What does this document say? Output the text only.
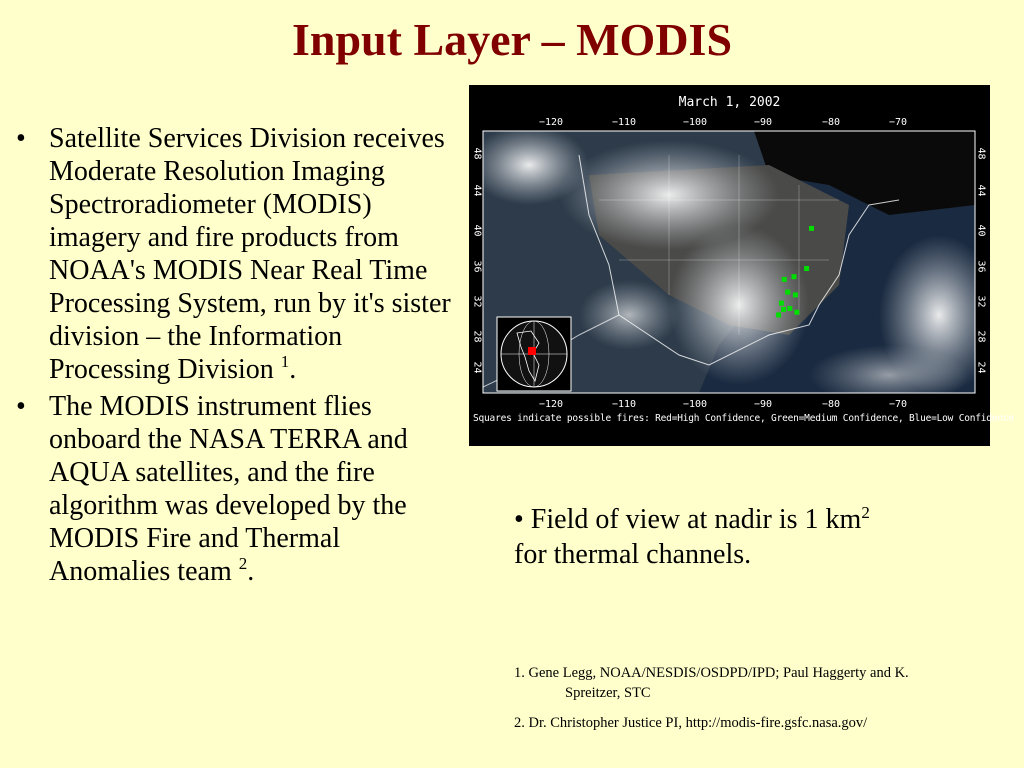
Input Layer – MODIS
• Satellite Services Division receives Moderate Resolution Imaging Spectroradiometer (MODIS) imagery and fire products from NOAA's MODIS Near Real Time Processing System, run by it's sister division – the Information Processing Division $^1$.
• The MODIS instrument flies onboard the NASA TERRA and AQUA satellites, and the fire algorithm was developed by the MODIS Fire and Thermal Anomalies team $^2$.
March 1, 2002
−120	−110	−100	−90	−80	−70
−120	−110	−100	−90	−80	−70
48
44
40
36
32
28
24
48
44
40
36
32
28
24
Squares indicate possible fires: Red=High Confidence, Green=Medium Confidence, Blue=Low Confidence
• Field of view at nadir is 1 $km^2$ for thermal channels.
1. Gene Legg, NOAA/NESDIS/OSDPD/IPD; Paul Haggerty and K.
Spreitzer, STC
2. Dr. Christopher Justice PI, http://modis-fire.gsfc.nasa.gov/
